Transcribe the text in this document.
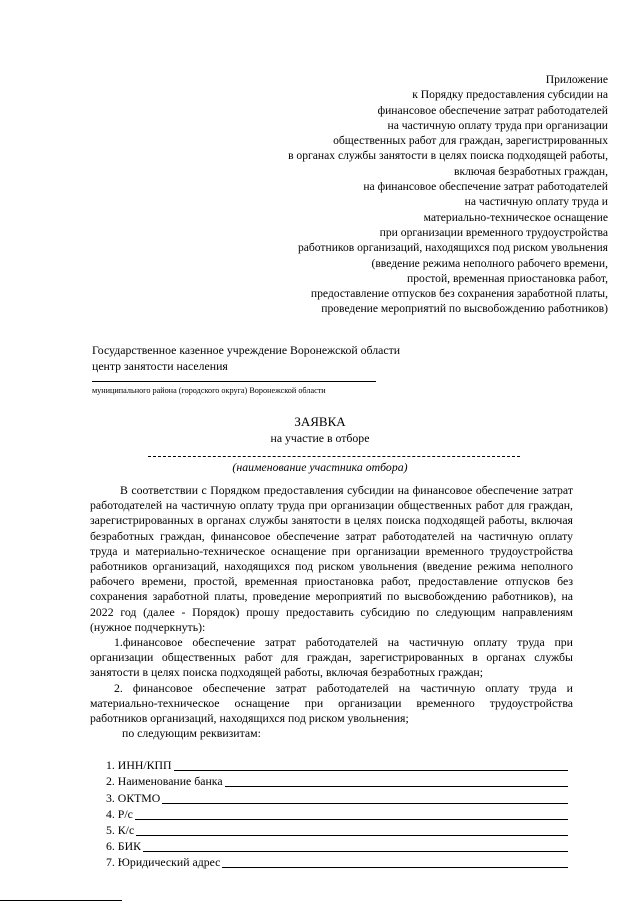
Приложение
к Порядку предоставления субсидии на
финансовое обеспечение затрат работодателей
на частичную оплату труда при организации
общественных работ для граждан, зарегистрированных
в органах службы занятости в целях поиска подходящей работы,
включая безработных граждан,
на финансовое обеспечение затрат работодателей
на частичную оплату труда и
материально-техническое оснащение
при организации временного трудоустройства
работников организаций, находящихся под риском увольнения
(введение режима неполного рабочего времени,
простой, временная приостановка работ,
предоставление отпусков без сохранения заработной платы,
проведение мероприятий по высвобождению работников)
Государственное казенное учреждение Воронежской области
центр занятости населения
муниципального района (городского округа) Воронежской области
ЗАЯВКА
на участие в отборе
(наименование участника отбора)

В соответствии с Порядком предоставления субсидии на финансовое обеспечение затрат работодателей на частичную оплату труда при организации общественных работ для граждан, зарегистрированных в органах службы занятости в целях поиска подходящей работы, включая безработных граждан, финансовое обеспечение затрат работодателей на частичную оплату труда и материально-техническое оснащение при организации временного трудоустройства работников организаций, находящихся под риском увольнения (введение режима неполного рабочего времени, простой, временная приостановка работ, предоставление отпусков без сохранения заработной платы, проведение мероприятий по высвобождению работников), на 2022 год (далее - Порядок) прошу предоставить субсидию по следующим направлениям (нужное подчеркнуть):

1.финансовое обеспечение затрат работодателей на частичную оплату труда при организации общественных работ для граждан, зарегистрированных в органах службы занятости в целях поиска подходящей работы, включая безработных граждан;

2. финансовое обеспечение затрат работодателей на частичную оплату труда и материально-техническое оснащение при организации временного трудоустройства работников организаций, находящихся под риском увольнения;

по следующим реквизитам:

1. ИНН/КПП
2. Наименование банка
3. ОКТМО
4. Р/с
5. К/с
6. БИК
7. Юридический адрес
